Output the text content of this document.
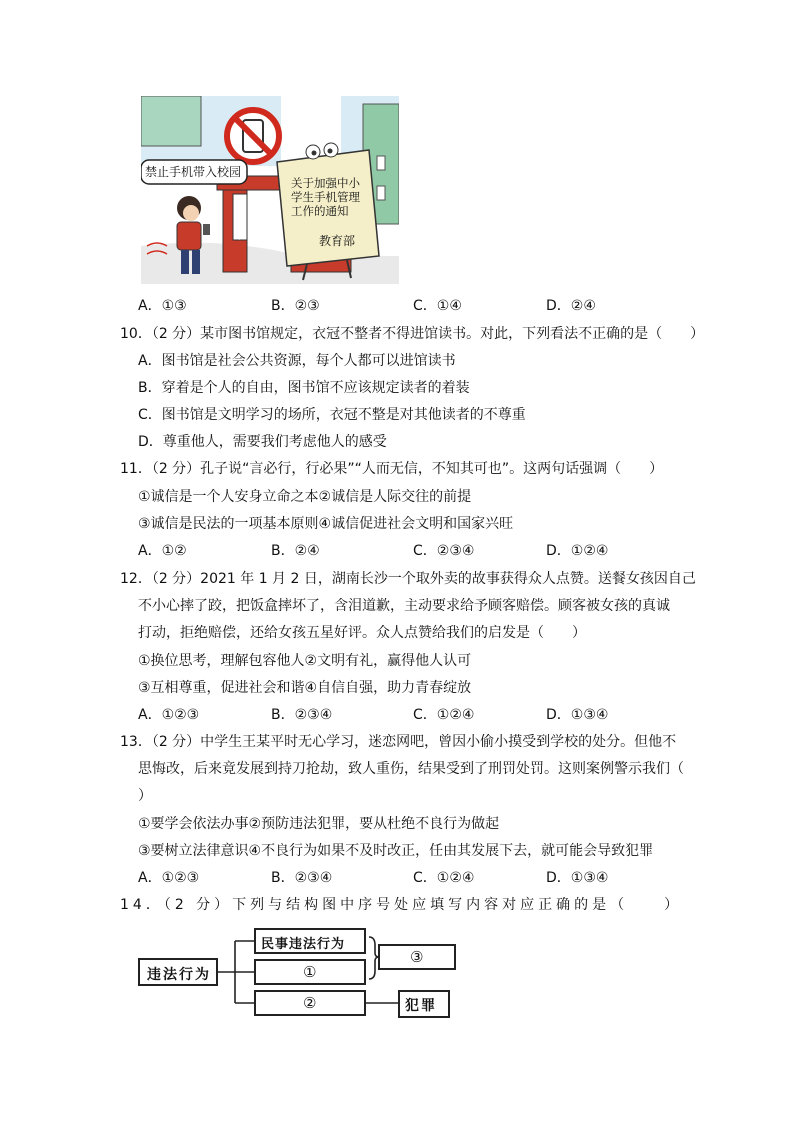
禁止手机带入校园
某某中学
关于加强中小学生手机管理工作的通知
教育部
A．①③	B．②③	C．①④	D．②④
10．（2 分）某市图书馆规定，衣冠不整者不得进馆读书。对此，下列看法不正确的是（　　）
A．图书馆是社会公共资源，每个人都可以进馆读书
B．穿着是个人的自由，图书馆不应该规定读者的着装
C．图书馆是文明学习的场所，衣冠不整是对其他读者的不尊重
D．尊重他人，需要我们考虑他人的感受
11．（2 分）孔子说“言必行，行必果”“人而无信，不知其可也”。这两句话强调（　　）
①诚信是一个人安身立命之本②诚信是人际交往的前提
③诚信是民法的一项基本原则④诚信促进社会文明和国家兴旺
A．①②	B．②④	C．②③④	D．①②④
12．（2 分）2021 年 1 月 2 日，湖南长沙一个取外卖的故事获得众人点赞。送餐女孩因自己
不小心摔了跤，把饭盒摔坏了，含泪道歉，主动要求给予顾客赔偿。顾客被女孩的真诚
打动，拒绝赔偿，还给女孩五星好评。众人点赞给我们的启发是（　　）
①换位思考，理解包容他人②文明有礼，赢得他人认可
③互相尊重，促进社会和谐④自信自强，助力青春绽放
A．①②③	B．②③④	C．①②④	D．①③④
13．（2 分）中学生王某平时无心学习，迷恋网吧，曾因小偷小摸受到学校的处分。但他不
思悔改，后来竟发展到持刀抢劫，致人重伤，结果受到了刑罚处罚。这则案例警示我们（
）
①要学会依法办事②预防违法犯罪，要从杜绝不良行为做起
③要树立法律意识④不良行为如果不及时改正，任由其发展下去，就可能会导致犯罪
A．①②③	B．②③④	C．①②④	D．①③④
14．（2 分）下列与结构图中序号处应填写内容对应正确的是（　　）
违法行为
民事违法行为
①
②
③
犯罪
